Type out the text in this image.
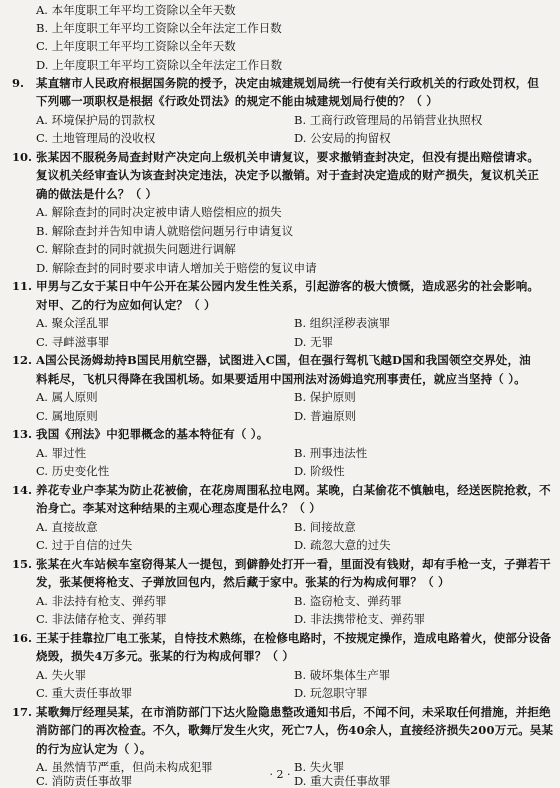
A. 本年度职工年平均工资除以全年天数
B. 上年度职工年平均工资除以全年法定工作日数
C. 上年度职工年平均工资除以全年天数
D. 上年度职工年平均工资除以全年法定工作日数
9. 某直辖市人民政府根据国务院的授予，决定由城建规划局统一行使有关行政机关的行政处罚权，但
下列哪一项职权是根据《行政处罚法》的规定不能由城建规划局行使的？（ ）
A. 环境保护局的罚款权	B. 工商行政管理局的吊销营业执照权
C. 土地管理局的没收权	D. 公安局的拘留权
10. 张某因不服税务局查封财产决定向上级机关申请复议，要求撤销查封决定，但没有提出赔偿请求。
复议机关经审查认为该查封决定违法，决定予以撤销。对于查封决定造成的财产损失，复议机关正
确的做法是什么？（ ）
A. 解除查封的同时决定被申请人赔偿相应的损失
B. 解除查封并告知申请人就赔偿问题另行申请复议
C. 解除查封的同时就损失问题进行调解
D. 解除查封的同时要求申请人增加关于赔偿的复议申请
11. 甲男与乙女于某日中午公开在某公园内发生性关系，引起游客的极大愤慨，造成恶劣的社会影响。
对甲、乙的行为应如何认定？（ ）
A. 聚众淫乱罪	B. 组织淫秽表演罪
C. 寻衅滋事罪	D. 无罪
12. A国公民汤姆劫持B国民用航空器，试图进入C国，但在强行驾机飞越D国和我国领空交界处，油
料耗尽，飞机只得降在我国机场。如果要适用中国刑法对汤姆追究刑事责任，就应当坚持（ ）。
A. 属人原则	B. 保护原则
C. 属地原则	D. 普遍原则
13. 我国《刑法》中犯罪概念的基本特征有（ ）。
A. 罪过性	B. 刑事违法性
C. 历史变化性	D. 阶级性
14. 养花专业户李某为防止花被偷，在花房周围私拉电网。某晚，白某偷花不慎触电，经送医院抢救，不
治身亡。李某对这种结果的主观心理态度是什么？（ ）
A. 直接故意	B. 间接故意
C. 过于自信的过失	D. 疏忽大意的过失
15. 张某在火车站候车室窃得某人一提包，到僻静处打开一看，里面没有钱财，却有手枪一支，子弹若干
发，张某便将枪支、子弹放回包内，然后藏于家中。张某的行为构成何罪？（ ）
A. 非法持有枪支、弹药罪	B. 盗窃枪支、弹药罪
C. 非法储存枪支、弹药罪	D. 非法携带枪支、弹药罪
16. 王某于挂靠拉厂电工张某，自恃技术熟练，在检修电路时，不按规定操作，造成电路着火，使部分设备
烧毁，损失4万多元。张某的行为构成何罪？（ ）
A. 失火罪	B. 破坏集体生产罪
C. 重大责任事故罪	D. 玩忽职守罪
17. 某歌舞厅经理吴某，在市消防部门下达火险隐患整改通知书后，不闻不问，未采取任何措施，并拒绝
消防部门的再次检查。不久，歌舞厅发生火灾，死亡7人，伤40余人，直接经济损失200万元。吴某
的行为应认定为（ ）。
A. 虽然情节严重，但尚未构成犯罪	B. 失火罪
C. 消防责任事故罪	D. 重大责任事故罪
· 2 ·
